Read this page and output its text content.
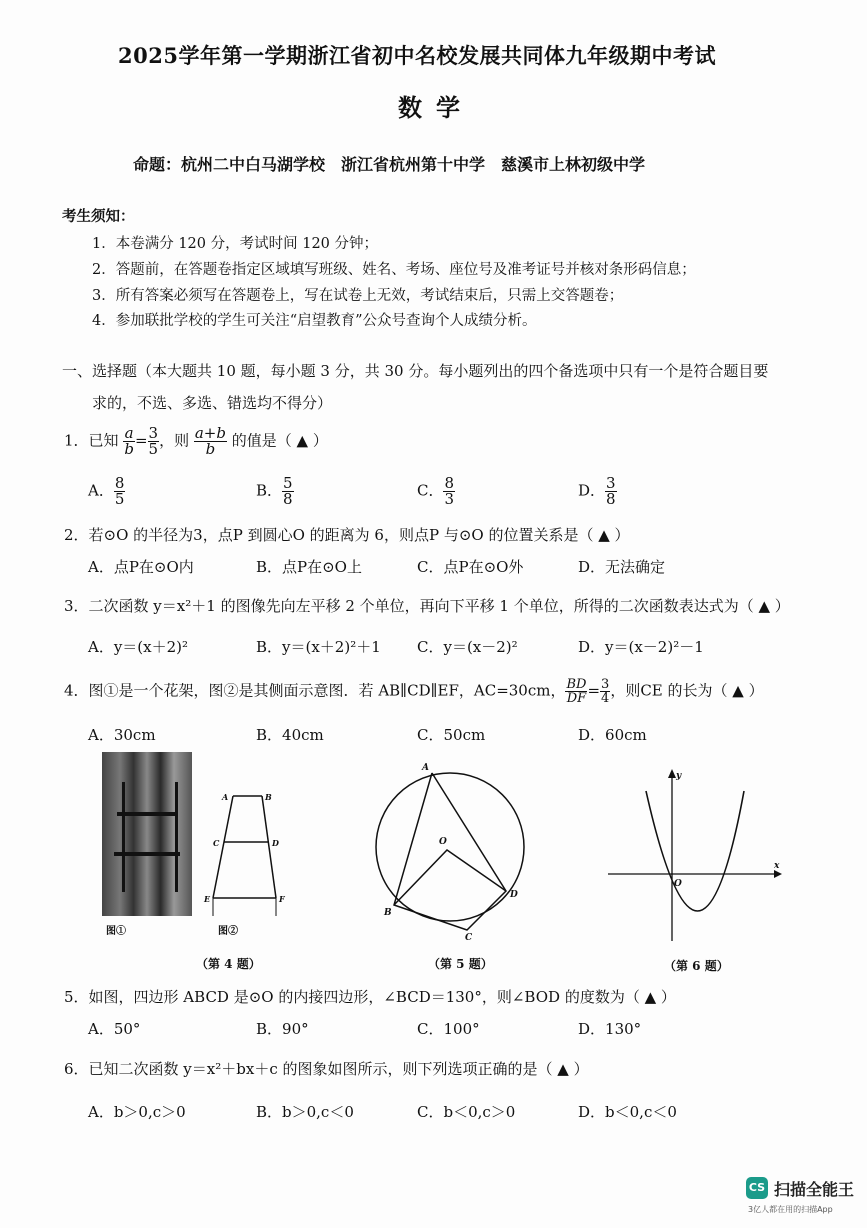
2025学年第一学期浙江省初中名校发展共同体九年级期中考试
数学
命题：杭州二中白马湖学校　浙江省杭州第十中学　慈溪市上林初级中学
考生须知：
1．本卷满分 120 分，考试时间 120 分钟；
2．答题前，在答题卷指定区域填写班级、姓名、考场、座位号及准考证号并核对条形码信息；
3．所有答案必须写在答题卷上，写在试卷上无效，考试结束后，只需上交答题卷；
4．参加联批学校的学生可关注“启望教育”公众号查询个人成绩分析。
一、选择题（本大题共 10 题，每小题 3 分，共 30 分。每小题列出的四个备选项中只有一个是符合题目要
求的，不选、多选、错选均不得分）
1．已知 $\frac{a}{b} = \frac{3}{5}$ ，则 $\frac{a+b}{b}$ 的值是（ ▲ ）
A． $\frac{8}{5}$	B． $\frac{5}{8}$	C． $\frac{8}{3}$	D． $\frac{3}{8}$
2．若⊙O 的半径为3，点P 到圆心O 的距离为 6，则点P 与⊙O 的位置关系是（ ▲ ）
A．点P在⊙O内	B．点P在⊙O上	C．点P在⊙O外	D．无法确定
3．二次函数 y＝x²＋1 的图像先向左平移 2 个单位，再向下平移 1 个单位，所得的二次函数表达式为（ ▲ ）
A．y＝(x＋2)²	B．y＝(x＋2)²＋1 C．y＝(x－2)²	D．y＝(x－2)²－1
4．图①是一个花架，图②是其侧面示意图．若 AB∥CD∥EF，AC=30cm， $\frac{BD}{DF} = \frac{3}{4}$ ，则CE 的长为（ ▲ ）
A．30cm	B．40cm	C．50cm	D．60cm
图①
A	B
C	D
E	F
图②
（第 4 题）
A
O
B
C
D
（第 5 题）
x
y
O
（第 6 题）
5．如图，四边形 ABCD 是⊙O 的内接四边形，∠BCD＝130°，则∠BOD 的度数为（ ▲ ）
A．50°	B．90°	C．100°	D．130°
6．已知二次函数 y＝x²＋bx＋c 的图象如图所示，则下列选项正确的是（ ▲ ）
A．b＞0,c＞0	B．b＞0,c＜0	C．b＜0,c＞0	D．b＜0,c＜0
CS 扫描全能王
3亿人都在用的扫描App
